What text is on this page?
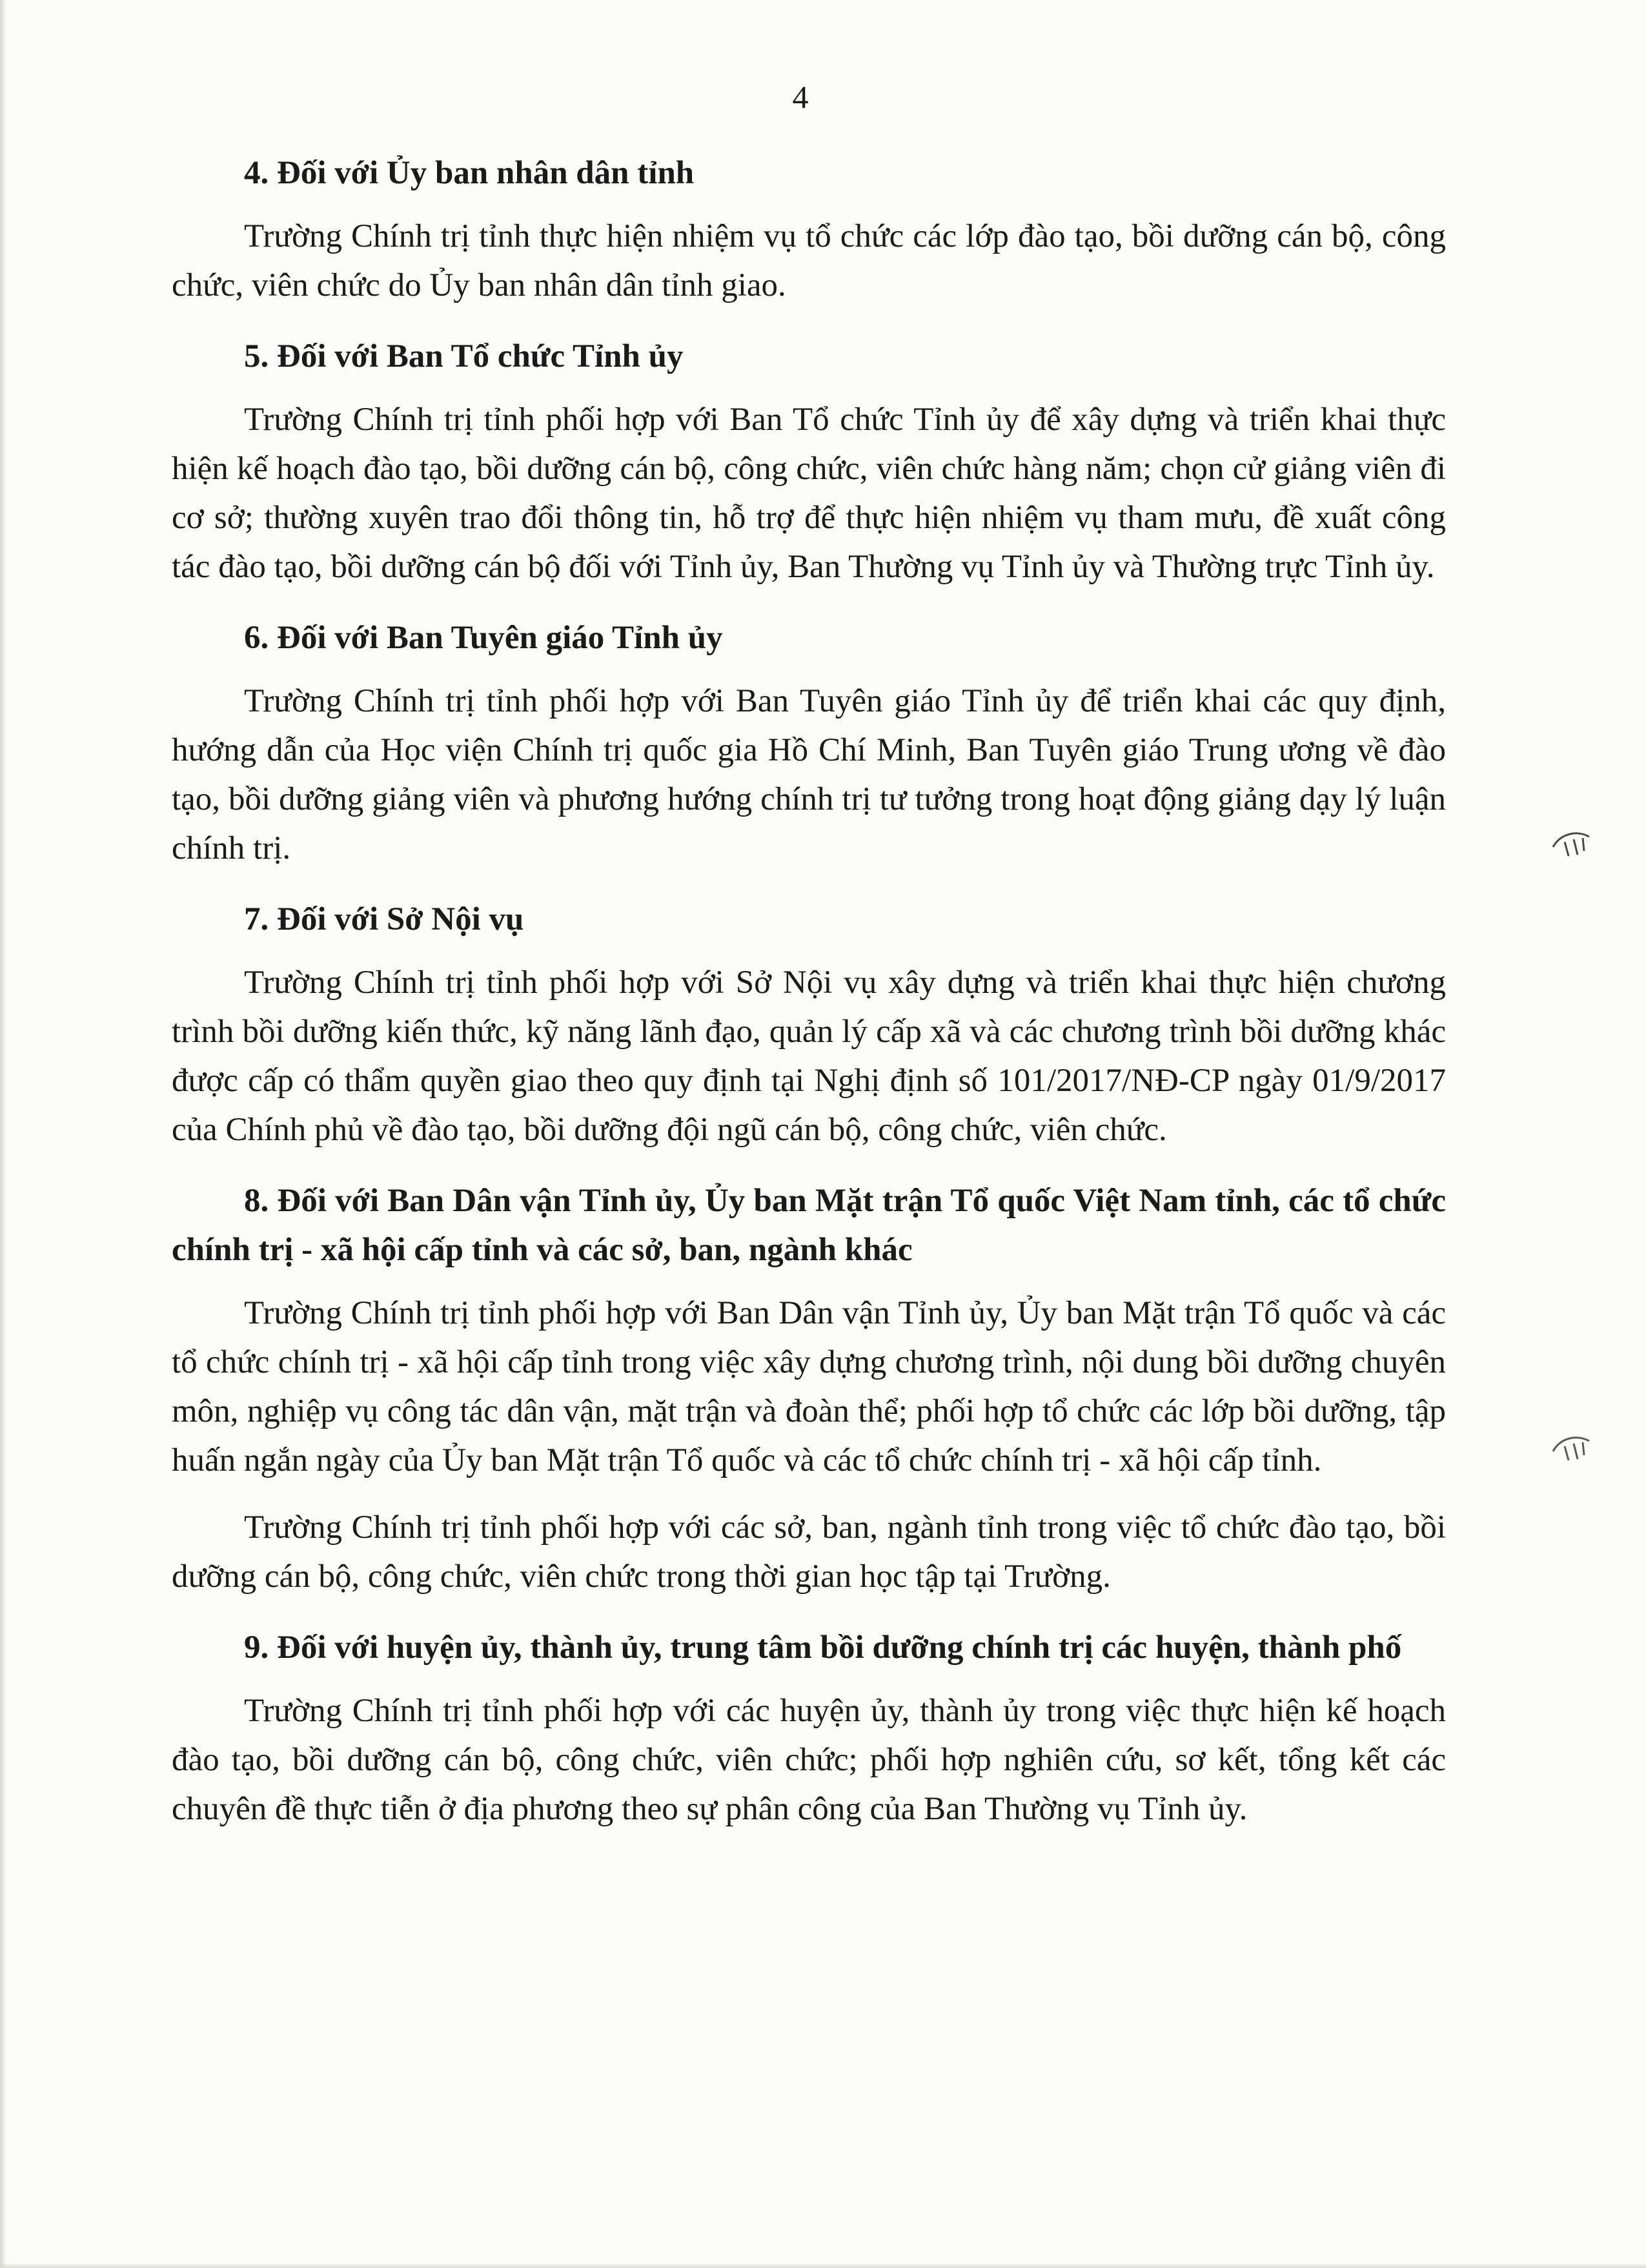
4

4. Đối với Ủy ban nhân dân tỉnh

Trường Chính trị tỉnh thực hiện nhiệm vụ tổ chức các lớp đào tạo, bồi dưỡng cán bộ, công chức, viên chức do Ủy ban nhân dân tỉnh giao.

5. Đối với Ban Tổ chức Tỉnh ủy

Trường Chính trị tỉnh phối hợp với Ban Tổ chức Tỉnh ủy để xây dựng và triển khai thực hiện kế hoạch đào tạo, bồi dưỡng cán bộ, công chức, viên chức hàng năm; chọn cử giảng viên đi cơ sở; thường xuyên trao đổi thông tin, hỗ trợ để thực hiện nhiệm vụ tham mưu, đề xuất công tác đào tạo, bồi dưỡng cán bộ đối với Tỉnh ủy, Ban Thường vụ Tỉnh ủy và Thường trực Tỉnh ủy.

6. Đối với Ban Tuyên giáo Tỉnh ủy

Trường Chính trị tỉnh phối hợp với Ban Tuyên giáo Tỉnh ủy để triển khai các quy định, hướng dẫn của Học viện Chính trị quốc gia Hồ Chí Minh, Ban Tuyên giáo Trung ương về đào tạo, bồi dưỡng giảng viên và phương hướng chính trị tư tưởng trong hoạt động giảng dạy lý luận chính trị.

7. Đối với Sở Nội vụ

Trường Chính trị tỉnh phối hợp với Sở Nội vụ xây dựng và triển khai thực hiện chương trình bồi dưỡng kiến thức, kỹ năng lãnh đạo, quản lý cấp xã và các chương trình bồi dưỡng khác được cấp có thẩm quyền giao theo quy định tại Nghị định số 101/2017/NĐ-CP ngày 01/9/2017 của Chính phủ về đào tạo, bồi dưỡng đội ngũ cán bộ, công chức, viên chức.

8. Đối với Ban Dân vận Tỉnh ủy, Ủy ban Mặt trận Tổ quốc Việt Nam tỉnh, các tổ chức chính trị - xã hội cấp tỉnh và các sở, ban, ngành khác

Trường Chính trị tỉnh phối hợp với Ban Dân vận Tỉnh ủy, Ủy ban Mặt trận Tổ quốc và các tổ chức chính trị - xã hội cấp tỉnh trong việc xây dựng chương trình, nội dung bồi dưỡng chuyên môn, nghiệp vụ công tác dân vận, mặt trận và đoàn thể; phối hợp tổ chức các lớp bồi dưỡng, tập huấn ngắn ngày của Ủy ban Mặt trận Tổ quốc và các tổ chức chính trị - xã hội cấp tỉnh.

Trường Chính trị tỉnh phối hợp với các sở, ban, ngành tỉnh trong việc tổ chức đào tạo, bồi dưỡng cán bộ, công chức, viên chức trong thời gian học tập tại Trường.

9. Đối với huyện ủy, thành ủy, trung tâm bồi dưỡng chính trị các huyện, thành phố

Trường Chính trị tỉnh phối hợp với các huyện ủy, thành ủy trong việc thực hiện kế hoạch đào tạo, bồi dưỡng cán bộ, công chức, viên chức; phối hợp nghiên cứu, sơ kết, tổng kết các chuyên đề thực tiễn ở địa phương theo sự phân công của Ban Thường vụ Tỉnh ủy.
